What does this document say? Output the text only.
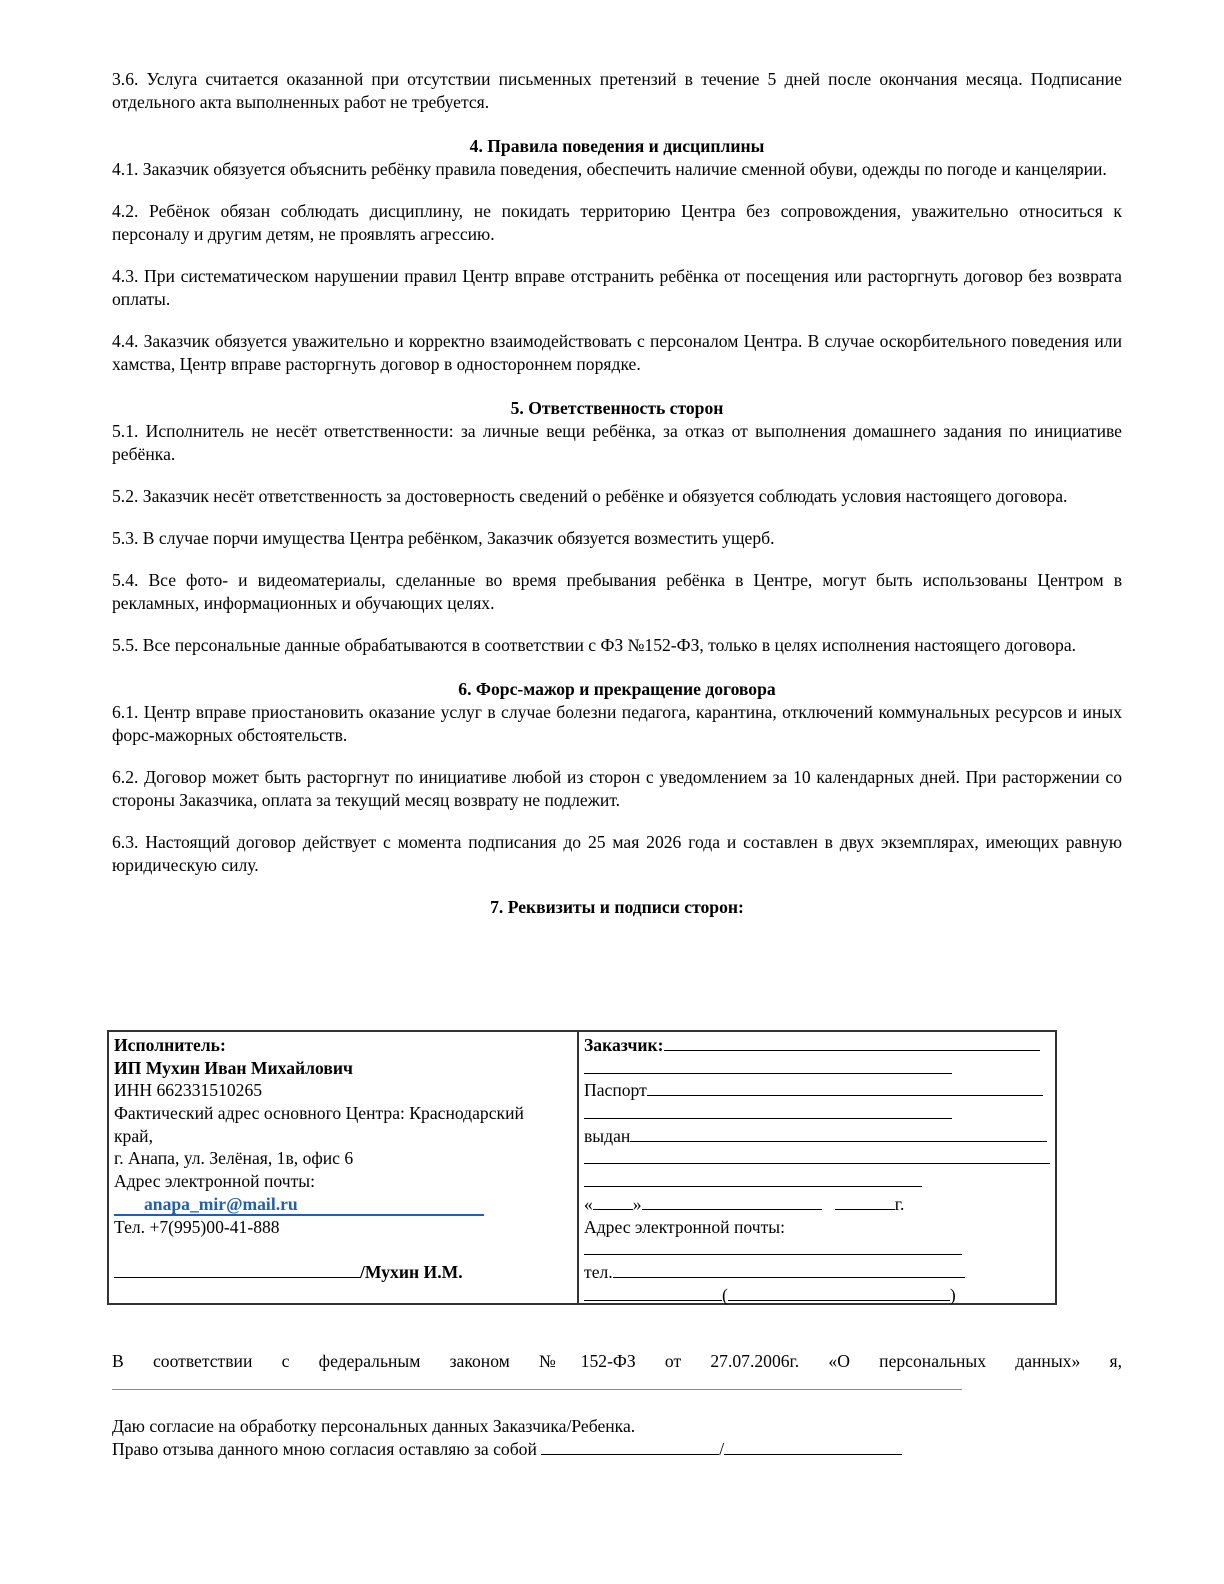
3.6. Услуга считается оказанной при отсутствии письменных претензий в течение 5 дней после окончания месяца. Подписание отдельного акта выполненных работ не требуется.

4. Правила поведения и дисциплины

4.1. Заказчик обязуется объяснить ребёнку правила поведения, обеспечить наличие сменной обуви, одежды по погоде и канцелярии.

4.2. Ребёнок обязан соблюдать дисциплину, не покидать территорию Центра без сопровождения, уважительно относиться к персоналу и другим детям, не проявлять агрессию.

4.3. При систематическом нарушении правил Центр вправе отстранить ребёнка от посещения или расторгнуть договор без возврата оплаты.

4.4. Заказчик обязуется уважительно и корректно взаимодействовать с персоналом Центра. В случае оскорбительного поведения или хамства, Центр вправе расторгнуть договор в одностороннем порядке.

5. Ответственность сторон

5.1. Исполнитель не несёт ответственности: за личные вещи ребёнка, за отказ от выполнения домашнего задания по инициативе ребёнка.

5.2. Заказчик несёт ответственность за достоверность сведений о ребёнке и обязуется соблюдать условия настоящего договора.

5.3. В случае порчи имущества Центра ребёнком, Заказчик обязуется возместить ущерб.

5.4. Все фото- и видеоматериалы, сделанные во время пребывания ребёнка в Центре, могут быть использованы Центром в рекламных, информационных и обучающих целях.

5.5. Все персональные данные обрабатываются в соответствии с ФЗ №152-ФЗ, только в целях исполнения настоящего договора.

6. Форс-мажор и прекращение договора

6.1. Центр вправе приостановить оказание услуг в случае болезни педагога, карантина, отключений коммунальных ресурсов и иных форс-мажорных обстоятельств.

6.2. Договор может быть расторгнут по инициативе любой из сторон с уведомлением за 10 календарных дней. При расторжении со стороны Заказчика, оплата за текущий месяц возврату не подлежит.

6.3. Настоящий договор действует с момента подписания до 25 мая 2026 года и составлен в двух экземплярах, имеющих равную юридическую силу.

7. Реквизиты и подписи сторон:

Исполнитель:
ИП Мухин Иван Михайлович
ИНН 662331510265
Фактический адрес основного Центра: Краснодарский
край,
г. Анапа, ул. Зелёная, 1в, офис 6
Адрес электронной почты:
anapa_mir@mail.ru
Тел. +7(995)00-41-888
/Мухин И.М.
Заказчик:
Паспорт
выдан
« »	г.
Адрес электронной почты:
тел.
(	)

В соответствии с федеральным законом №152-ФЗ от 27.07.2006г. «О персональных данных» я,

Даю согласие на обработку персональных данных Заказчика/Ребенка.

Право отзыва данного мною согласия оставляю за собой	/
